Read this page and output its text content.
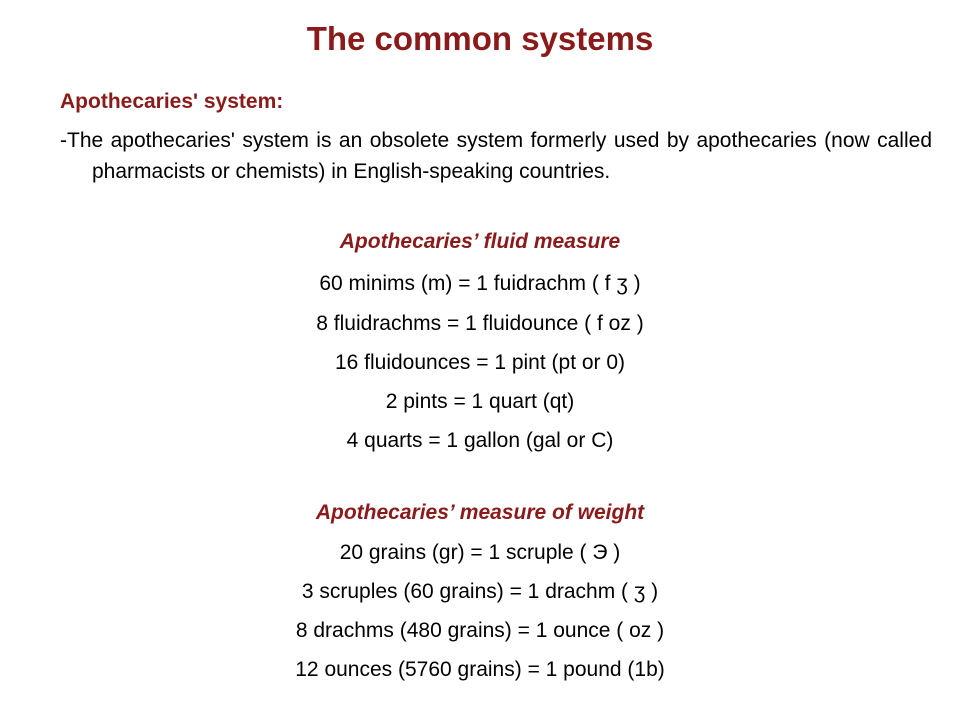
The common systems
Apothecaries' system:
-The apothecaries' system is an obsolete system formerly used by apothecaries (now called pharmacists or chemists) in English-speaking countries.
Apothecaries’ fluid measure
60 minims (m) = 1 fuidrachm ( f ʒ )
8 fluidrachms = 1 fluidounce ( f oz )
16 fluidounces = 1 pint (pt or 0)
2 pints = 1 quart (qt)
4 quarts = 1 gallon (gal or C)
Apothecaries’ measure of weight
20 grains (gr) = 1 scruple ( Э )
3 scruples (60 grains) = 1 drachm ( ʒ )
8 drachms (480 grains) = 1 ounce ( oz )
12 ounces (5760 grains) = 1 pound (1b)
